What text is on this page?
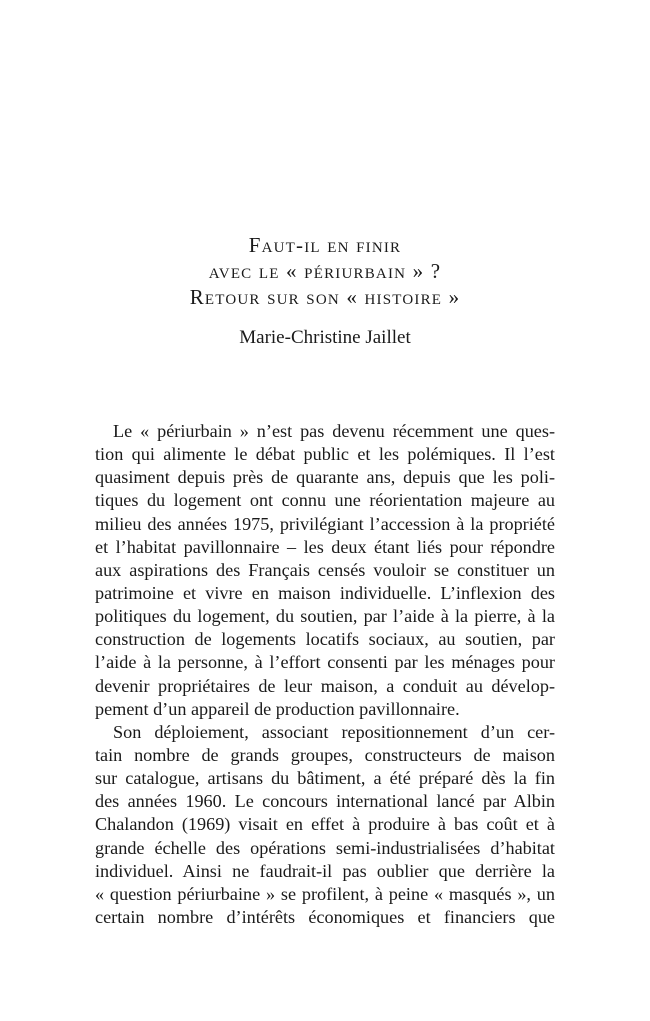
Faut-il en finir
avec le « périurbain » ?
Retour sur son « histoire »
Marie-Christine Jaillet
Le « périurbain » n’est pas devenu récemment une ques-
tion qui alimente le débat public et les polémiques. Il l’est
quasiment depuis près de quarante ans, depuis que les poli-
tiques du logement ont connu une réorientation majeure au
milieu des années 1975, privilégiant l’accession à la propriété
et l’habitat pavillonnaire – les deux étant liés pour répondre
aux aspirations des Français censés vouloir se constituer un
patrimoine et vivre en maison individuelle. L’inflexion des
politiques du logement, du soutien, par l’aide à la pierre, à la
construction de logements locatifs sociaux, au soutien, par
l’aide à la personne, à l’effort consenti par les ménages pour
devenir propriétaires de leur maison, a conduit au dévelop-
pement d’un appareil de production pavillonnaire.
Son déploiement, associant repositionnement d’un cer-
tain nombre de grands groupes, constructeurs de maison
sur catalogue, artisans du bâtiment, a été préparé dès la fin
des années 1960. Le concours international lancé par Albin
Chalandon (1969) visait en effet à produire à bas coût et à
grande échelle des opérations semi-industrialisées d’habitat
individuel. Ainsi ne faudrait-il pas oublier que derrière la
« question périurbaine » se profilent, à peine « masqués », un
certain nombre d’intérêts économiques et financiers que
